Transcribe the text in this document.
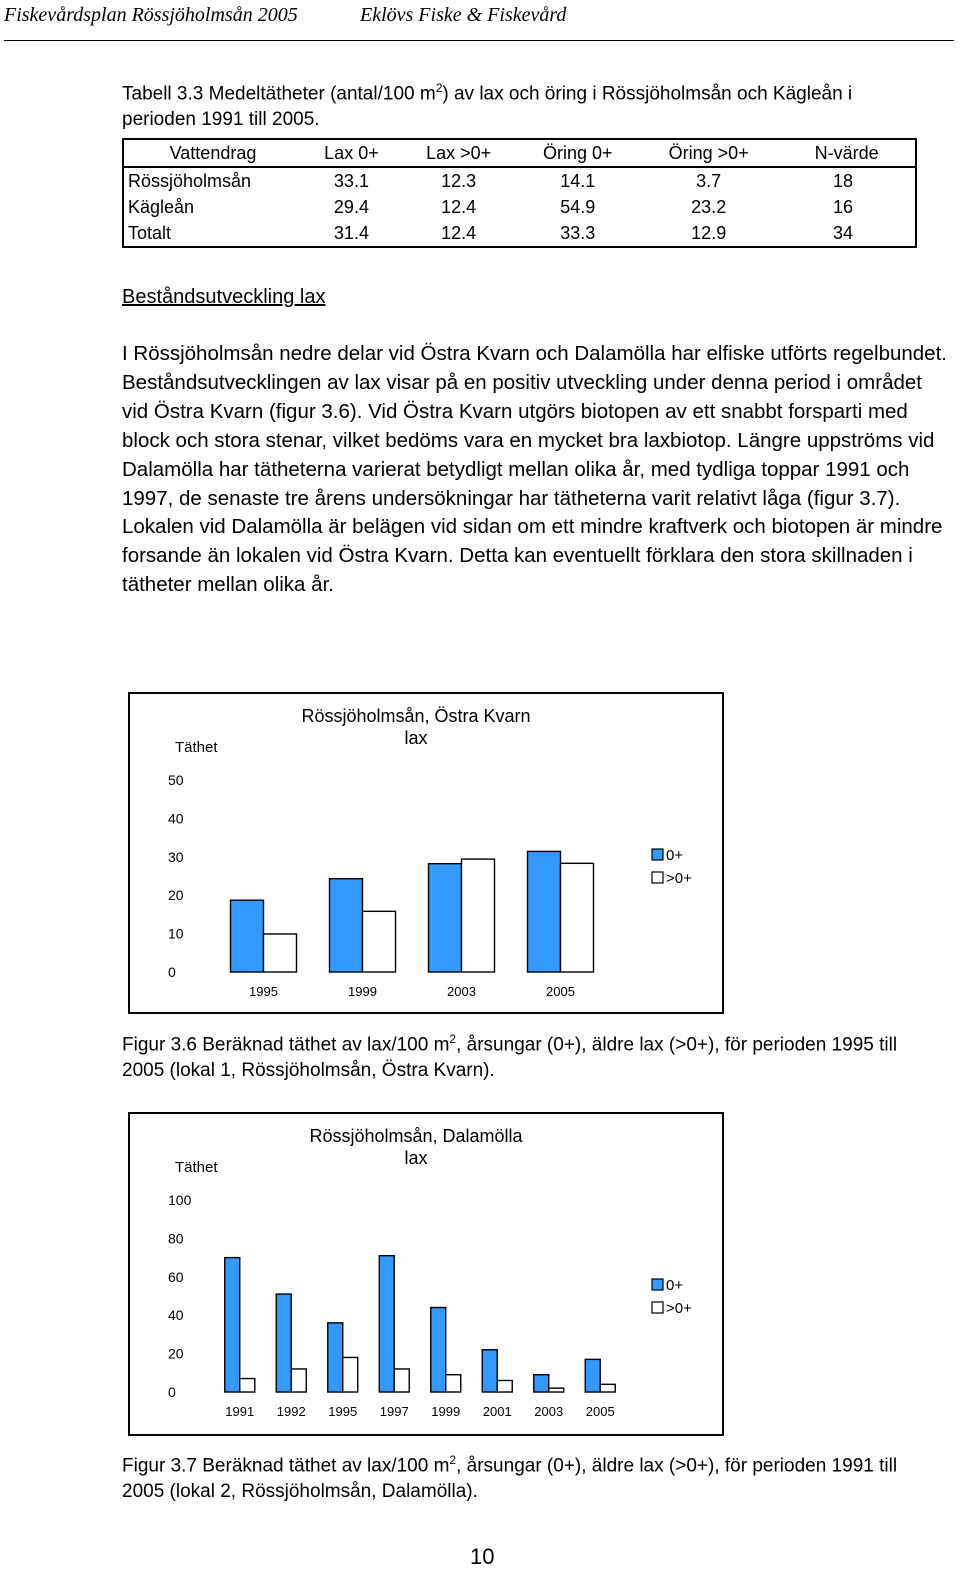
Fiskevårdsplan Rössjöholmsån 2005	Eklövs Fiske & Fiskevård
Tabell 3.3 Medeltätheter (antal/100 $m^2$) av lax och öring i Rössjöholmsån och Kägleån i perioden 1991 till 2005.
Vattendrag	Lax 0+	Lax >0+	Öring 0+	Öring >0+	N-värde
Rössjöholmsån	33.1	12.3	14.1	3.7	18
Kägleån	29.4	12.4	54.9	23.2	16
Totalt	31.4	12.4	33.3	12.9	34
Beståndsutveckling lax
I Rössjöholmsån nedre delar vid Östra Kvarn och Dalamölla har elfiske utförts regelbundet. Beståndsutvecklingen av lax visar på en positiv utveckling under denna period i området vid Östra Kvarn (figur 3.6). Vid Östra Kvarn utgörs biotopen av ett snabbt forsparti med block och stora stenar, vilket bedöms vara en mycket bra laxbiotop. Längre uppströms vid Dalamölla har tätheterna varierat betydligt mellan olika år, med tydliga toppar 1991 och 1997, de senaste tre årens undersökningar har tätheterna varit relativt låga (figur 3.7). Lokalen vid Dalamölla är belägen vid sidan om ett mindre kraftverk och biotopen är mindre forsande än lokalen vid Östra Kvarn. Detta kan eventuellt förklara den stora skillnaden i tätheter mellan olika år.
Rössjöholmsån, Östra Kvarn
lax
Täthet
0
10
20
30
40
50
1995	1999	2003	2005
0+
>0+
Figur 3.6 Beräknad täthet av lax/100 $m^2$, årsungar (0+), äldre lax (>0+), för perioden 1995 till 2005 (lokal 1, Rössjöholmsån, Östra Kvarn).
Rössjöholmsån, Dalamölla
lax
Täthet
0
20
40
60
80
100
1991 1992 1995 1997 1999 2001 2003 2005
0+
>0+
Figur 3.7 Beräknad täthet av lax/100 $m^2$, årsungar (0+), äldre lax (>0+), för perioden 1991 till 2005 (lokal 2, Rössjöholmsån, Dalamölla).
10
